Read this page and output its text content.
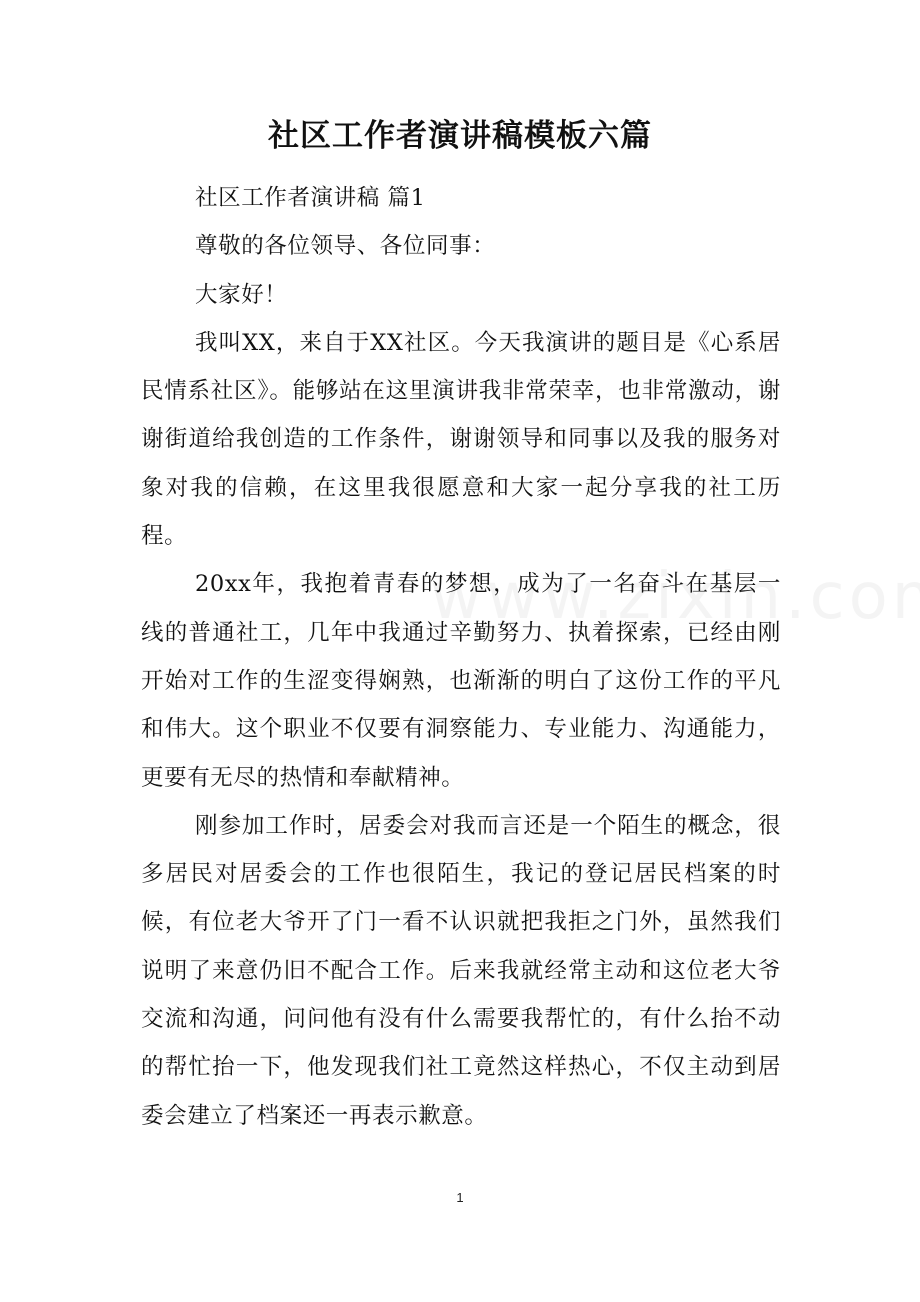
社区工作者演讲稿模板六篇

社区工作者演讲稿 篇1

尊敬的各位领导、各位同事：

大家好！

我叫XX，来自于XX社区。今天我演讲的题目是《心系居民情系社区》。能够站在这里演讲我非常荣幸，也非常激动，谢谢街道给我创造的工作条件，谢谢领导和同事以及我的服务对象对我的信赖，在这里我很愿意和大家一起分享我的社工历程。

20xx年，我抱着青春的梦想，成为了一名奋斗在基层一线的普通社工，几年中我通过辛勤努力、执着探索，已经由刚开始对工作的生涩变得娴熟，也渐渐的明白了这份工作的平凡和伟大。这个职业不仅要有洞察能力、专业能力、沟通能力，更要有无尽的热情和奉献精神。

刚参加工作时，居委会对我而言还是一个陌生的概念，很多居民对居委会的工作也很陌生，我记的登记居民档案的时候，有位老大爷开了门一看不认识就把我拒之门外，虽然我们说明了来意仍旧不配合工作。后来我就经常主动和这位老大爷交流和沟通，问问他有没有什么需要我帮忙的，有什么抬不动的帮忙抬一下，他发现我们社工竟然这样热心，不仅主动到居委会建立了档案还一再表示歉意。

1
